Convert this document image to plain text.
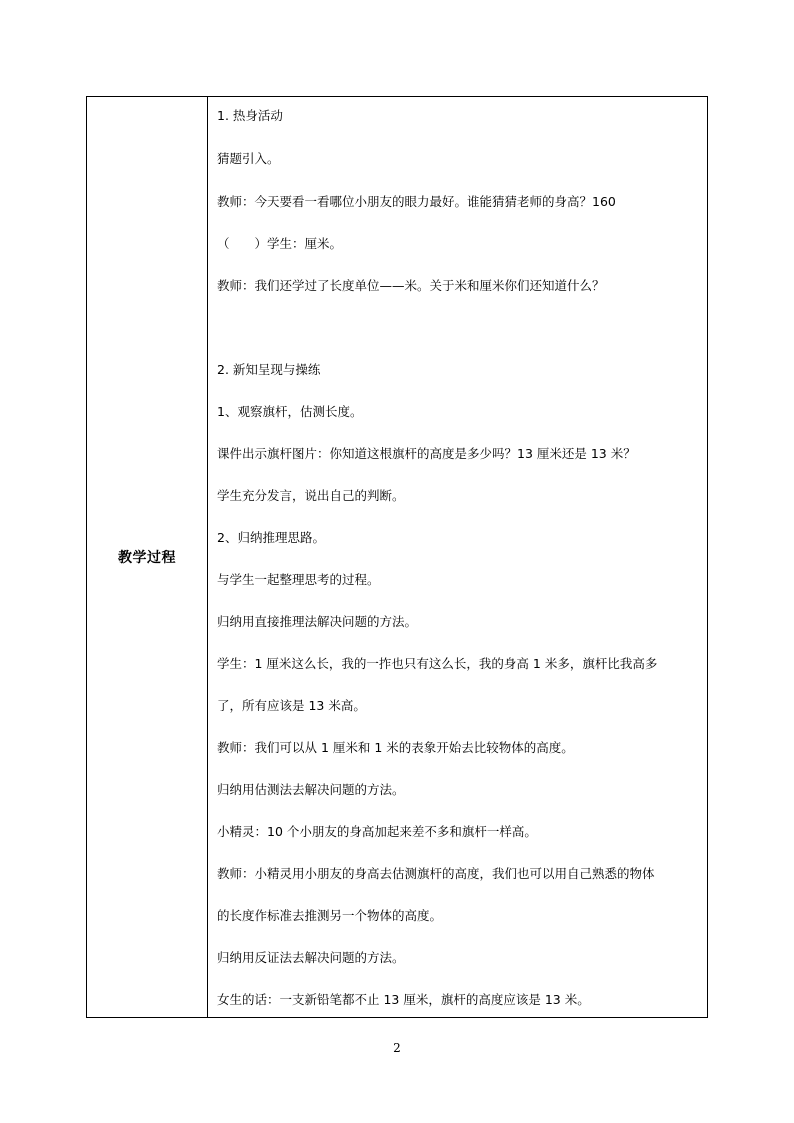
教学过程
1. 热身活动
猜题引入。
教师：今天要看一看哪位小朋友的眼力最好。谁能猜猜老师的身高？160
（　　）学生：厘米。
教师：我们还学过了长度单位——米。关于米和厘米你们还知道什么？
2. 新知呈现与操练
1、观察旗杆，估测长度。
课件出示旗杆图片：你知道这根旗杆的高度是多少吗？13 厘米还是 13 米？
学生充分发言，说出自己的判断。
2、归纳推理思路。
与学生一起整理思考的过程。
归纳用直接推理法解决问题的方法。
学生：1 厘米这么长，我的一拃也只有这么长，我的身高 1 米多，旗杆比我高多
了，所有应该是 13 米高。
教师：我们可以从 1 厘米和 1 米的表象开始去比较物体的高度。
归纳用估测法去解决问题的方法。
小精灵：10 个小朋友的身高加起来差不多和旗杆一样高。
教师：小精灵用小朋友的身高去估测旗杆的高度，我们也可以用自己熟悉的物体
的长度作标准去推测另一个物体的高度。
归纳用反证法去解决问题的方法。
女生的话：一支新铅笔都不止 13 厘米，旗杆的高度应该是 13 米。
2
